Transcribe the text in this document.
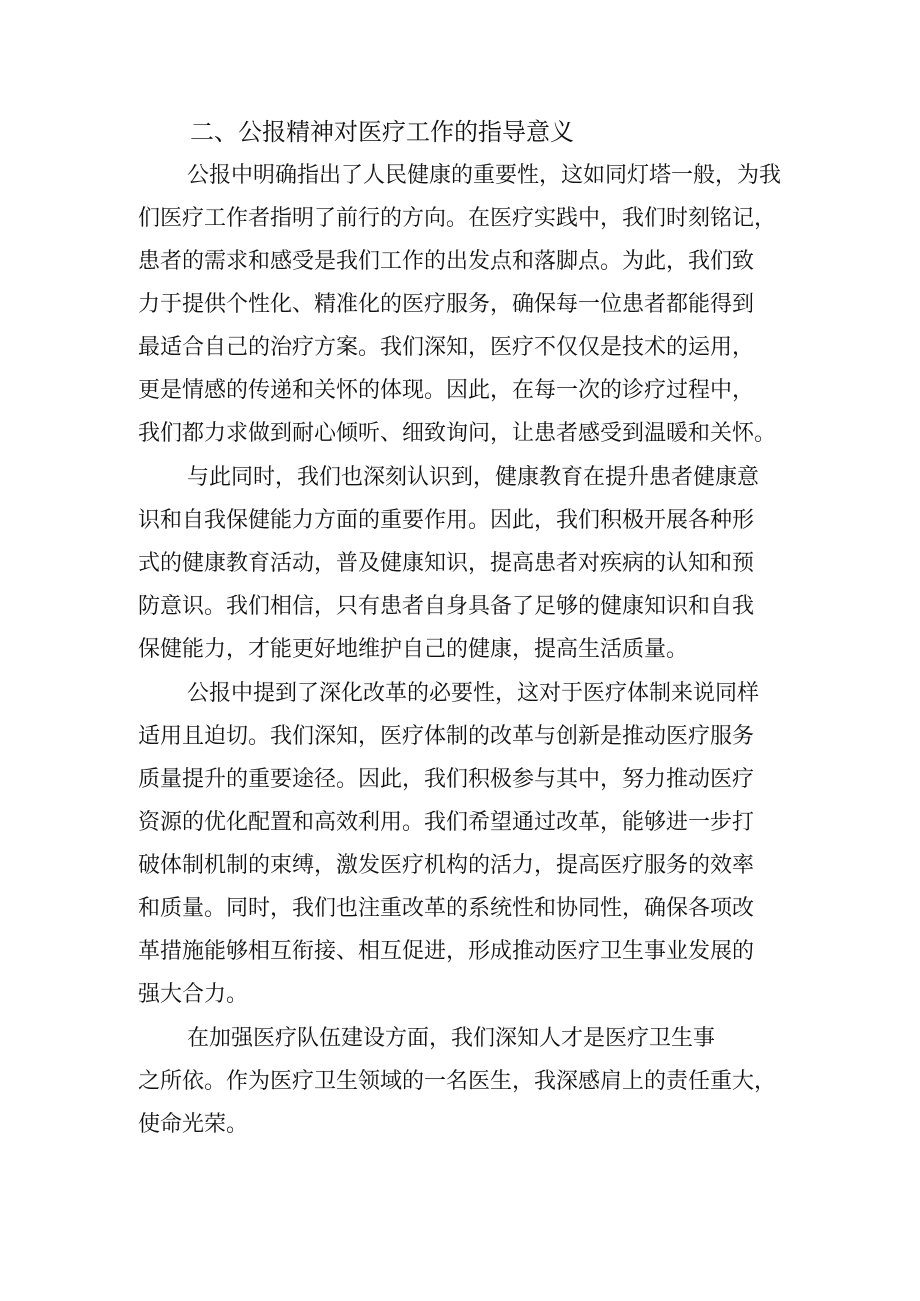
二、公报精神对医疗工作的指导意义
公报中明确指出了人民健康的重要性，这如同灯塔一般，为我
们医疗工作者指明了前行的方向。在医疗实践中，我们时刻铭记，
患者的需求和感受是我们工作的出发点和落脚点。为此，我们致
力于提供个性化、精准化的医疗服务，确保每一位患者都能得到
最适合自己的治疗方案。我们深知，医疗不仅仅是技术的运用，
更是情感的传递和关怀的体现。因此，在每一次的诊疗过程中，
我们都力求做到耐心倾听、细致询问，让患者感受到温暖和关怀。
与此同时，我们也深刻认识到，健康教育在提升患者健康意
识和自我保健能力方面的重要作用。因此，我们积极开展各种形
式的健康教育活动，普及健康知识，提高患者对疾病的认知和预
防意识。我们相信，只有患者自身具备了足够的健康知识和自我
保健能力，才能更好地维护自己的健康，提高生活质量。
公报中提到了深化改革的必要性，这对于医疗体制来说同样
适用且迫切。我们深知，医疗体制的改革与创新是推动医疗服务
质量提升的重要途径。因此，我们积极参与其中，努力推动医疗
资源的优化配置和高效利用。我们希望通过改革，能够进一步打
破体制机制的束缚，激发医疗机构的活力，提高医疗服务的效率
和质量。同时，我们也注重改革的系统性和协同性，确保各项改
革措施能够相互衔接、相互促进，形成推动医疗卫生事业发展的
强大合力。
在加强医疗队伍建设方面，我们深知人才是医疗卫生事
之所依。作为医疗卫生领域的一名医生，我深感肩上的责任重大，
使命光荣。
